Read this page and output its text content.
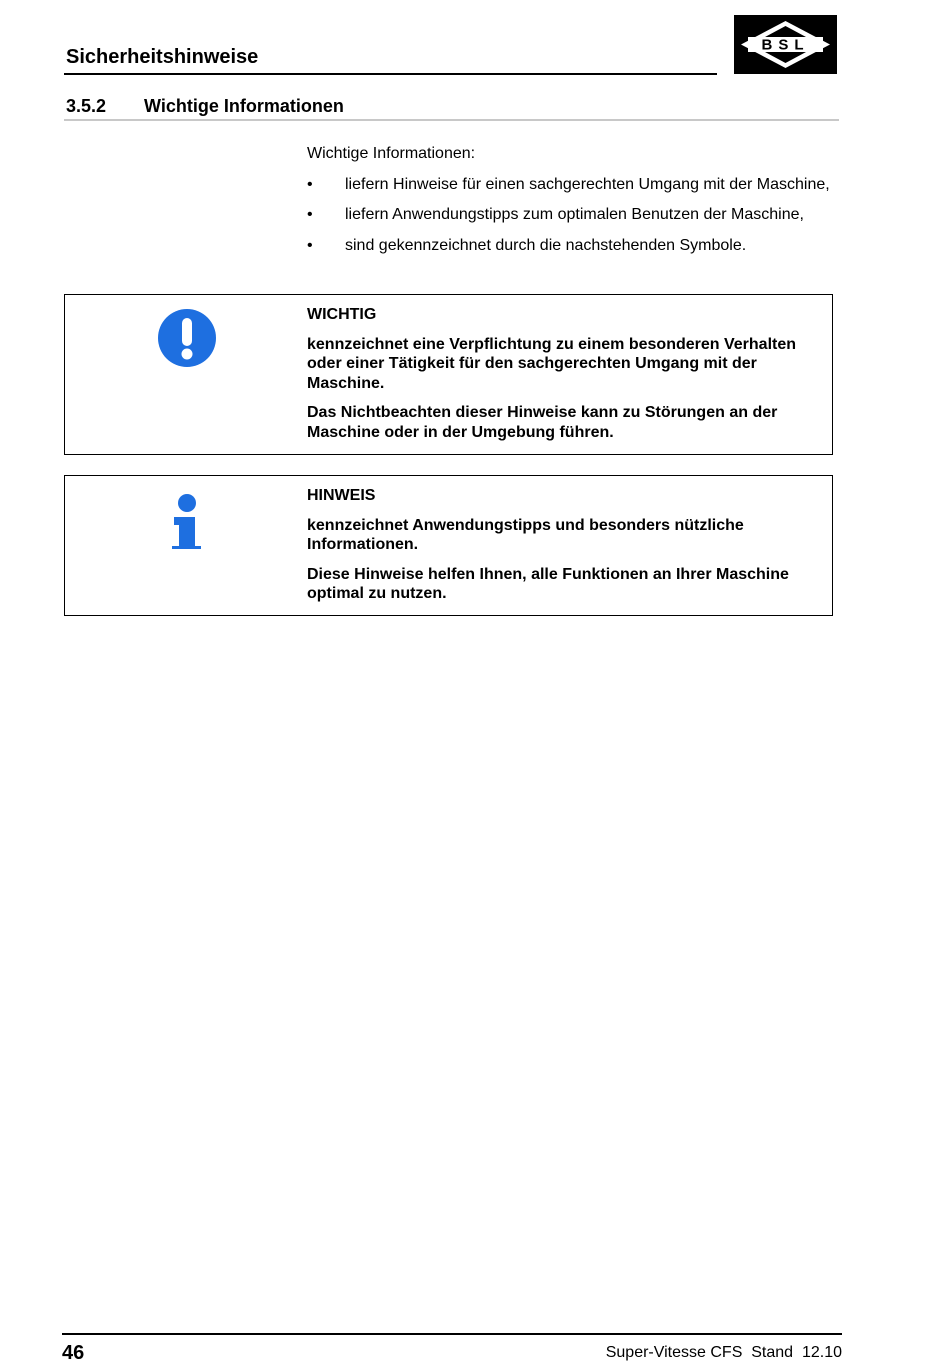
Sicherheitshinweise
BSL
3.5.2 Wichtige Informationen

Wichtige Informationen:

• liefern Hinweise für einen sachgerechten Umgang mit der Maschine,
• liefern Anwendungstipps zum optimalen Benutzen der Maschine,
• sind gekennzeichnet durch die nachstehenden Symbole.

WICHTIG

kennzeichnet eine Verpflichtung zu einem besonderen Verhalten oder einer Tätigkeit für den sachgerechten Umgang mit der Maschine.

Das Nichtbeachten dieser Hinweise kann zu Störungen an der Maschine oder in der Umgebung führen.

HINWEIS

kennzeichnet Anwendungstipps und besonders nützliche Informationen.

Diese Hinweise helfen Ihnen, alle Funktionen an Ihrer Maschine optimal zu nutzen.

46	Super-Vitesse CFS  Stand  12.10
